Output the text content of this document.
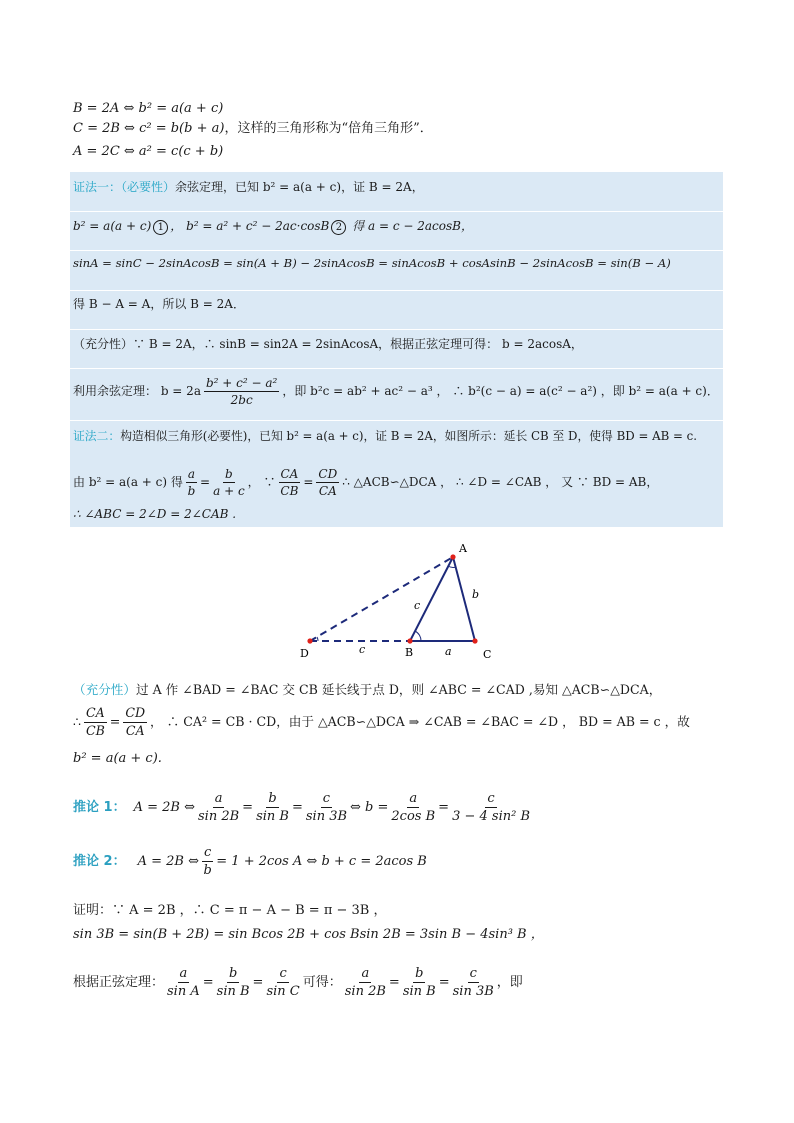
B = 2A ⇔ b² = a(a + c)
C = 2B ⇔ c² = b(b + a)，这样的三角形称为“倍角三角形”．
A = 2C ⇔ a² = c(c + b)
证法一：（必要性）余弦定理，已知 b² = a(a + c)，证 B = 2A，
b² = a(a + c) 1 ， b² = a² + c² − 2ac·cosB 2 得 a = c − 2acosB，
sinA = sinC − 2sinAcosB = sin(A + B) − 2sinAcosB = sinAcosB + cosAsinB − 2sinAcosB = sin(B − A)
得 B − A = A，所以 B = 2A．
（充分性）∵ B = 2A，∴ sinB = sin2A = 2sinAcosA，根据正弦定理可得： b = 2acosA，
利用余弦定理： $b = 2a \frac{\text{b² + c² − a²}}{2bc}$ ，即 b²c = ab² + ac² − a³ ， ∴ b²(c − a) = a(c² − a²) ，即 b² = a(a + c)．
证法二：构造相似三角形(必要性)，已知 b² = a(a + c)，证 B = 2A，如图所示：延长 CB 至 D，使得 BD = AB = c.
由 b² = a(a + c) 得 $\frac{a}{b} = \frac{b}{a + c}$ ， ∵ $\frac{CA}{CB} = \frac{CD}{CA}$ ∴ △ACB∽△DCA ， ∴ ∠D = ∠CAB ， 又 ∵ BD = AB，
∴ ∠ABC = 2∠D = 2∠CAB .
A
B	C
D	a
b
c
c
（充分性）过 A 作 ∠BAD = ∠BAC 交 CB 延长线于点 D，则 ∠ABC = ∠CAD ,易知 △ACB∽△DCA，
∴ $\frac{CA}{CB} = \frac{CD}{CA}$ ， ∴ CA² = CB · CD，由于 △ACB∽△DCA ⇒ ∠CAB = ∠BAC = ∠D ， BD = AB = c ，故
b² = a(a + c).
推论 1： A = 2B ⇔ $\frac{a}{\sin 2B} = \frac{b}{\text{sin B}} = \frac{c}{\sin 3B}$ ⇔ $b = \frac{a}{\text{2cos B}} = \frac{c}{\text{3 − 4 sin² B}}$
推论 2： A = 2B ⇔ $\frac{c}{b} = 1 + 2\cos$ A ⇔ b + c = 2acos B
证明：∵ A = 2B ，∴ C = π − A − B = π − 3B ，
sin 3B = sin(B + 2B) = sin Bcos 2B + cos Bsin 2B = 3sin B − 4sin³ B ，
根据正弦定理： $\frac{a}{\text{sin A}} = \frac{b}{\text{sin B}} = \frac{c}{\text{sin C}}$ 可得： $\frac{a}{\sin 2B} = \frac{b}{\text{sin B}} = \frac{c}{\sin 3B}$ ，即
